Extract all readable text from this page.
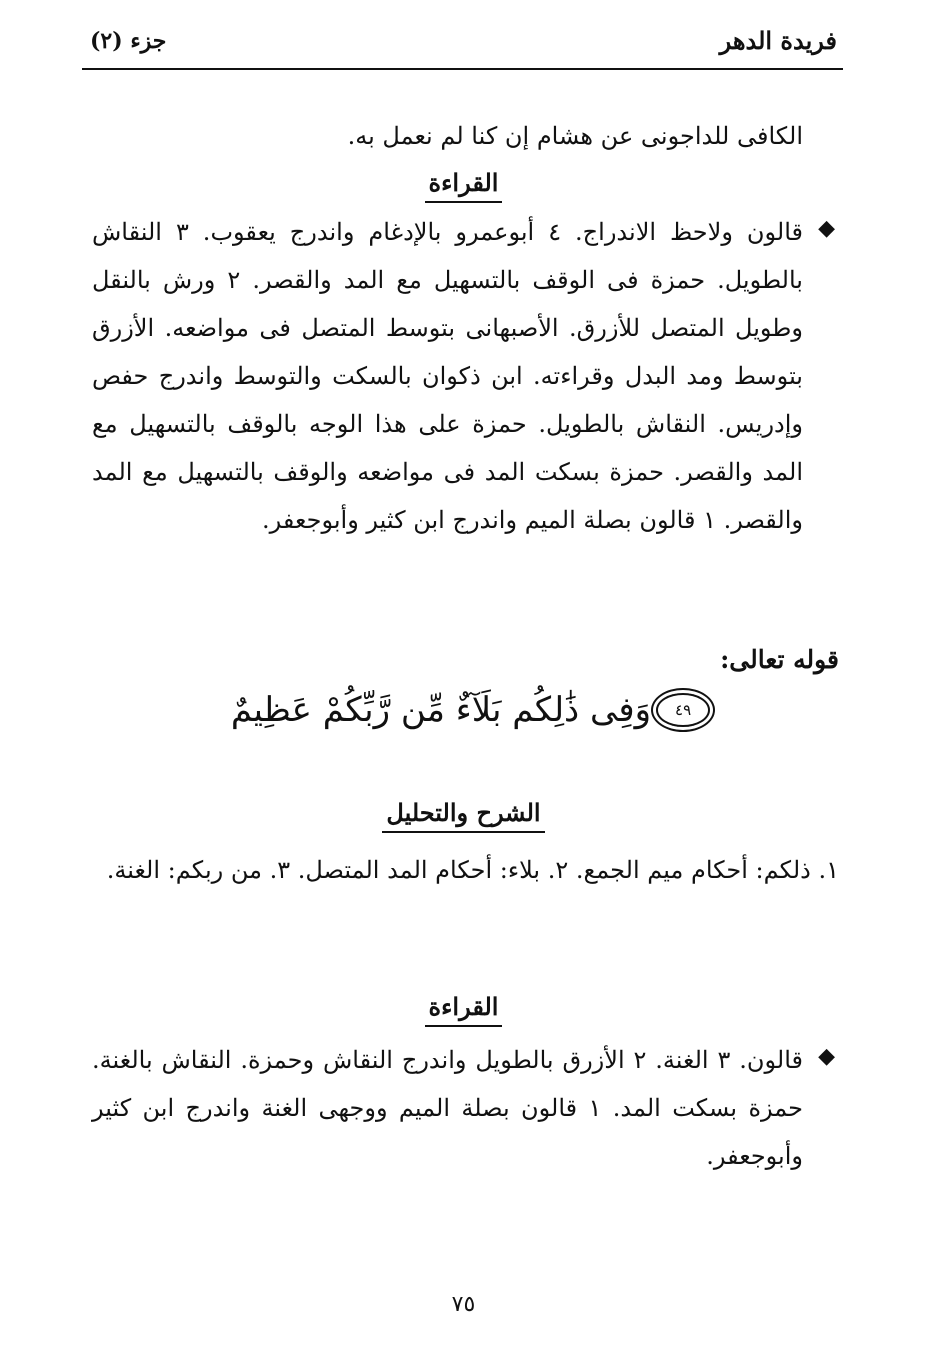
فريدة الدهر
جزء (٢)
الكافى للداجونى عن هشام إن كنا لم نعمل به.
القراءة
◆
قالون ولاحظ الاندراج. ٤ أبوعمرو بالإدغام واندرج يعقوب. ٣ النقاش بالطويل. حمزة فى الوقف بالتسهيل مع المد والقصر. ٢ ورش بالنقل وطويل المتصل للأزرق. الأصبهانى بتوسط المتصل فى مواضعه. الأزرق بتوسط ومد البدل وقراءته. ابن ذكوان بالسكت والتوسط واندرج حفص وإدريس. النقاش بالطويل. حمزة على هذا الوجه بالوقف بالتسهيل مع المد والقصر. حمزة بسكت المد فى مواضعه والوقف بالتسهيل مع المد والقصر. ١ قالون بصلة الميم واندرج ابن كثير وأبوجعفر.
قوله تعالى:
٤٩ وَفِى ذَٰلِكُم بَلَآءٌ مِّن رَّبِّكُمْ عَظِيمٌ
الشرح والتحليل
١. ذلكم: أحكام ميم الجمع. ٢. بلاء: أحكام المد المتصل. ٣. من ربكم: الغنة.
القراءة
◆
قالون. ٣ الغنة. ٢ الأزرق بالطويل واندرج النقاش وحمزة. النقاش بالغنة. حمزة بسكت المد. ١ قالون بصلة الميم ووجهى الغنة واندرج ابن كثير وأبوجعفر.
٧٥
